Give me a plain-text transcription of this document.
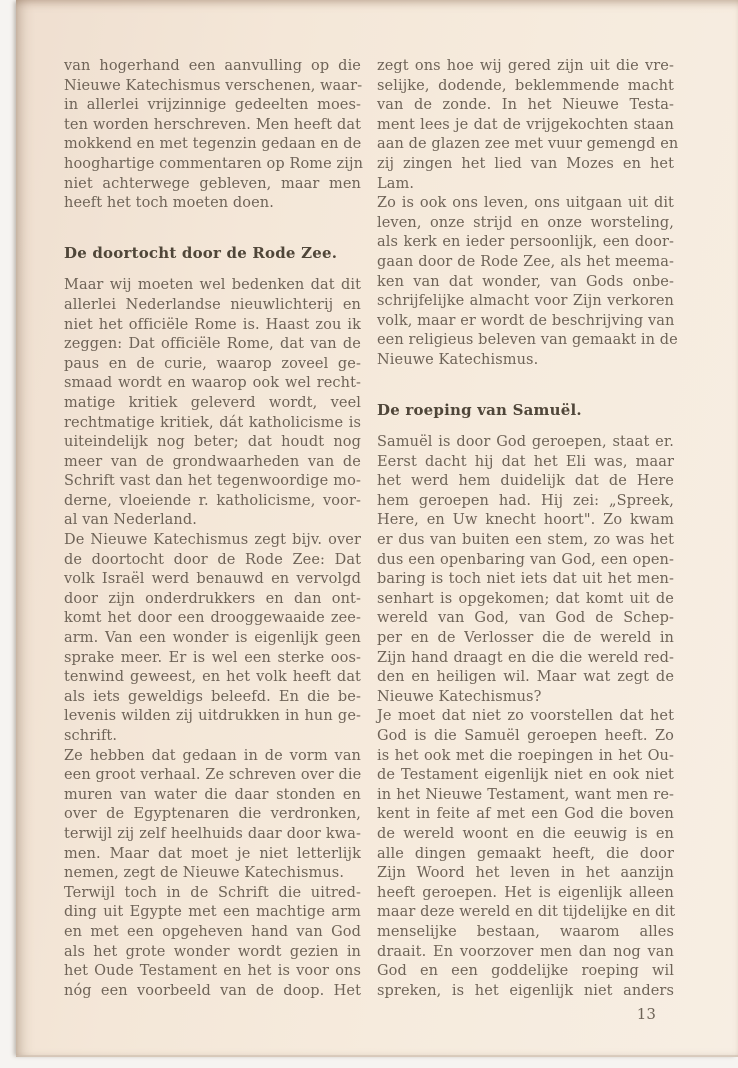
van hogerhand een aanvulling op die
Nieuwe Katechismus verschenen, waar-
in allerlei vrijzinnige gedeelten moes-
ten worden herschreven. Men heeft dat
mokkend en met tegenzin gedaan en de
hooghartige commentaren op Rome zijn
niet achterwege gebleven, maar men
heeft het toch moeten doen.
De doortocht door de Rode Zee.
Maar wij moeten wel bedenken dat dit
allerlei Nederlandse nieuwlichterij en
niet het officiële Rome is. Haast zou ik
zeggen: Dat officiële Rome, dat van de
paus en de curie, waarop zoveel ge-
smaad wordt en waarop ook wel recht-
matige kritiek geleverd wordt, veel
rechtmatige kritiek, dát katholicisme is
uiteindelijk nog beter; dat houdt nog
meer van de grondwaarheden van de
Schrift vast dan het tegenwoordige mo-
derne, vloeiende r. katholicisme, voor-
al van Nederland.
De Nieuwe Katechismus zegt bijv. over
de doortocht door de Rode Zee: Dat
volk Israël werd benauwd en vervolgd
door zijn onderdrukkers en dan ont-
komt het door een drooggewaaide zee-
arm. Van een wonder is eigenlijk geen
sprake meer. Er is wel een sterke oos-
tenwind geweest, en het volk heeft dat
als iets geweldigs beleefd. En die be-
levenis wilden zij uitdrukken in hun ge-
schrift.
Ze hebben dat gedaan in de vorm van
een groot verhaal. Ze schreven over die
muren van water die daar stonden en
over de Egyptenaren die verdronken,
terwijl zij zelf heelhuids daar door kwa-
men. Maar dat moet je niet letterlijk
nemen, zegt de Nieuwe Katechismus.
Terwijl toch in de Schrift die uitred-
ding uit Egypte met een machtige arm
en met een opgeheven hand van God
als het grote wonder wordt gezien in
het Oude Testament en het is voor ons
nóg een voorbeeld van de doop. Het
zegt ons hoe wij gered zijn uit die vre-
selijke, dodende, beklemmende macht
van de zonde. In het Nieuwe Testa-
ment lees je dat de vrijgekochten staan
aan de glazen zee met vuur gemengd en
zij zingen het lied van Mozes en het
Lam.
Zo is ook ons leven, ons uitgaan uit dit
leven, onze strijd en onze worsteling,
als kerk en ieder persoonlijk, een door-
gaan door de Rode Zee, als het meema-
ken van dat wonder, van Gods onbe-
schrijfelijke almacht voor Zijn verkoren
volk, maar er wordt de beschrijving van
een religieus beleven van gemaakt in de
Nieuwe Katechismus.
De roeping van Samuël.
Samuël is door God geroepen, staat er.
Eerst dacht hij dat het Eli was, maar
het werd hem duidelijk dat de Here
hem geroepen had. Hij zei: „Spreek,
Here, en Uw knecht hoort". Zo kwam
er dus van buiten een stem, zo was het
dus een openbaring van God, een open-
baring is toch niet iets dat uit het men-
senhart is opgekomen; dat komt uit de
wereld van God, van God de Schep-
per en de Verlosser die de wereld in
Zijn hand draagt en die die wereld red-
den en heiligen wil. Maar wat zegt de
Nieuwe Katechismus?
Je moet dat niet zo voorstellen dat het
God is die Samuël geroepen heeft. Zo
is het ook met die roepingen in het Ou-
de Testament eigenlijk niet en ook niet
in het Nieuwe Testament, want men re-
kent in feite af met een God die boven
de wereld woont en die eeuwig is en
alle dingen gemaakt heeft, die door
Zijn Woord het leven in het aanzijn
heeft geroepen. Het is eigenlijk alleen
maar deze wereld en dit tijdelijke en dit
menselijke bestaan, waarom alles
draait. En voorzover men dan nog van
God en een goddelijke roeping wil
spreken, is het eigenlijk niet anders
13
